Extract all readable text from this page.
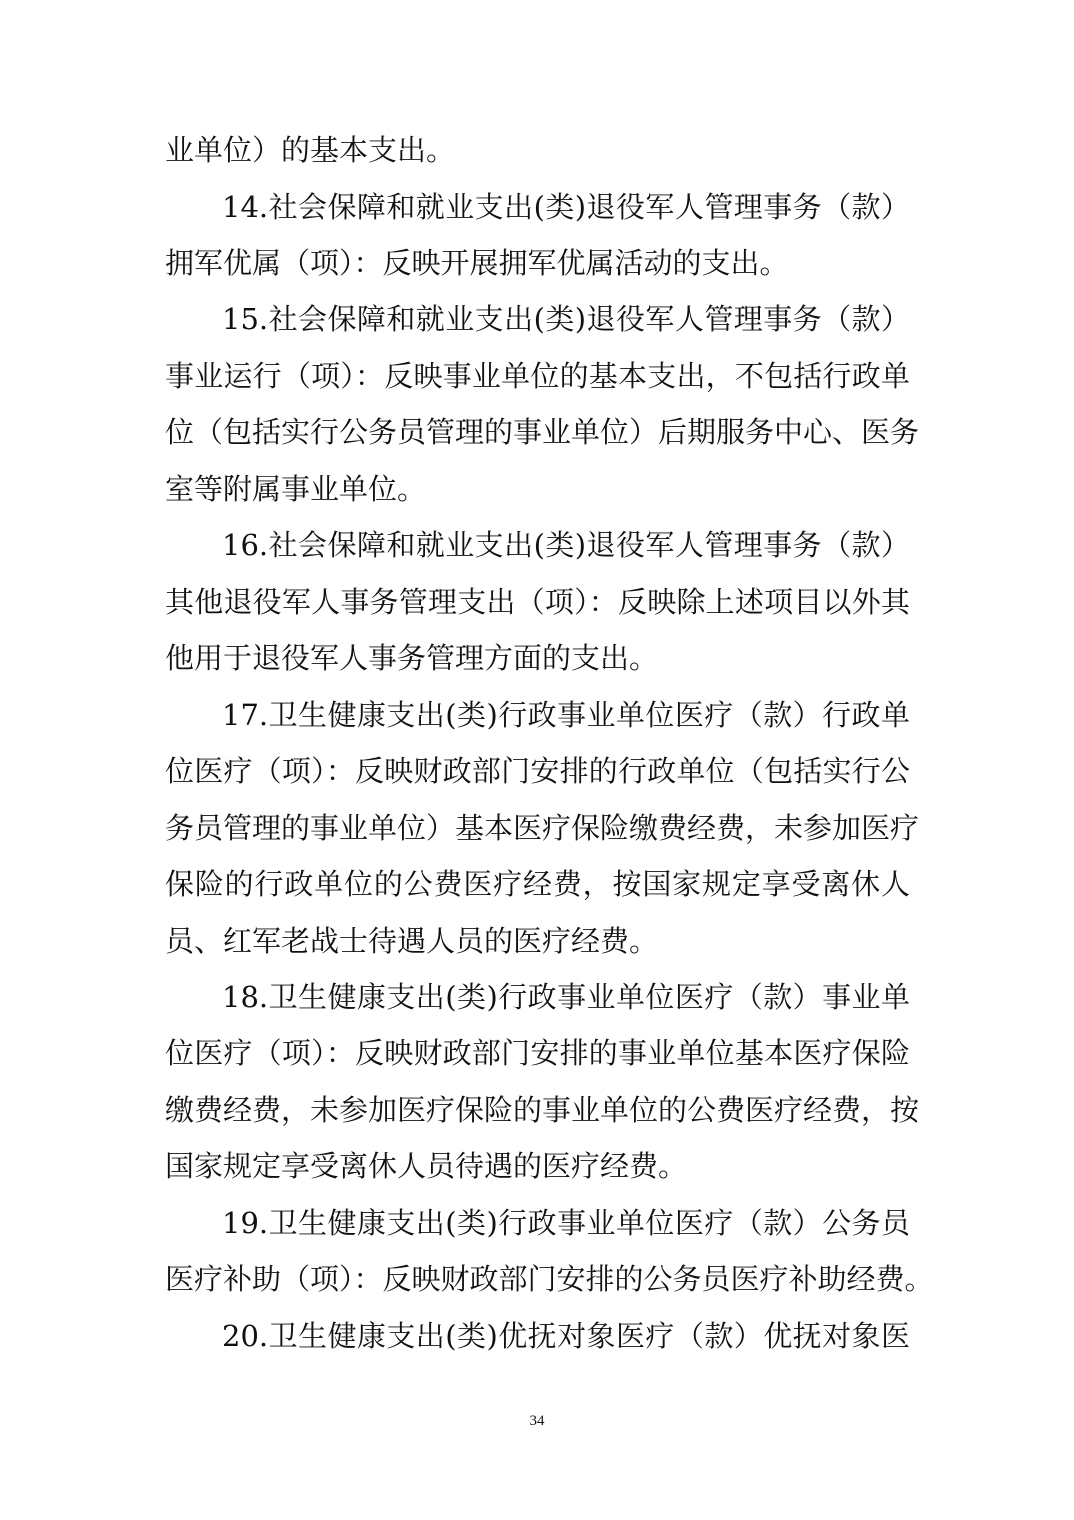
业单位）的基本支出。
14.社会保障和就业支出(类)退役军人管理事务（款）
拥军优属（项）：反映开展拥军优属活动的支出。
15.社会保障和就业支出(类)退役军人管理事务（款）
事业运行（项）：反映事业单位的基本支出，不包括行政单
位（包括实行公务员管理的事业单位）后期服务中心、医务
室等附属事业单位。
16.社会保障和就业支出(类)退役军人管理事务（款）
其他退役军人事务管理支出（项）：反映除上述项目以外其
他用于退役军人事务管理方面的支出。
17.卫生健康支出(类)行政事业单位医疗（款）行政单
位医疗（项）：反映财政部门安排的行政单位（包括实行公
务员管理的事业单位）基本医疗保险缴费经费，未参加医疗
保险的行政单位的公费医疗经费，按国家规定享受离休人
员、红军老战士待遇人员的医疗经费。
18.卫生健康支出(类)行政事业单位医疗（款）事业单
位医疗（项）：反映财政部门安排的事业单位基本医疗保险
缴费经费，未参加医疗保险的事业单位的公费医疗经费，按
国家规定享受离休人员待遇的医疗经费。
19.卫生健康支出(类)行政事业单位医疗（款）公务员
医疗补助（项）：反映财政部门安排的公务员医疗补助经费。
20.卫生健康支出(类)优抚对象医疗（款）优抚对象医
34
